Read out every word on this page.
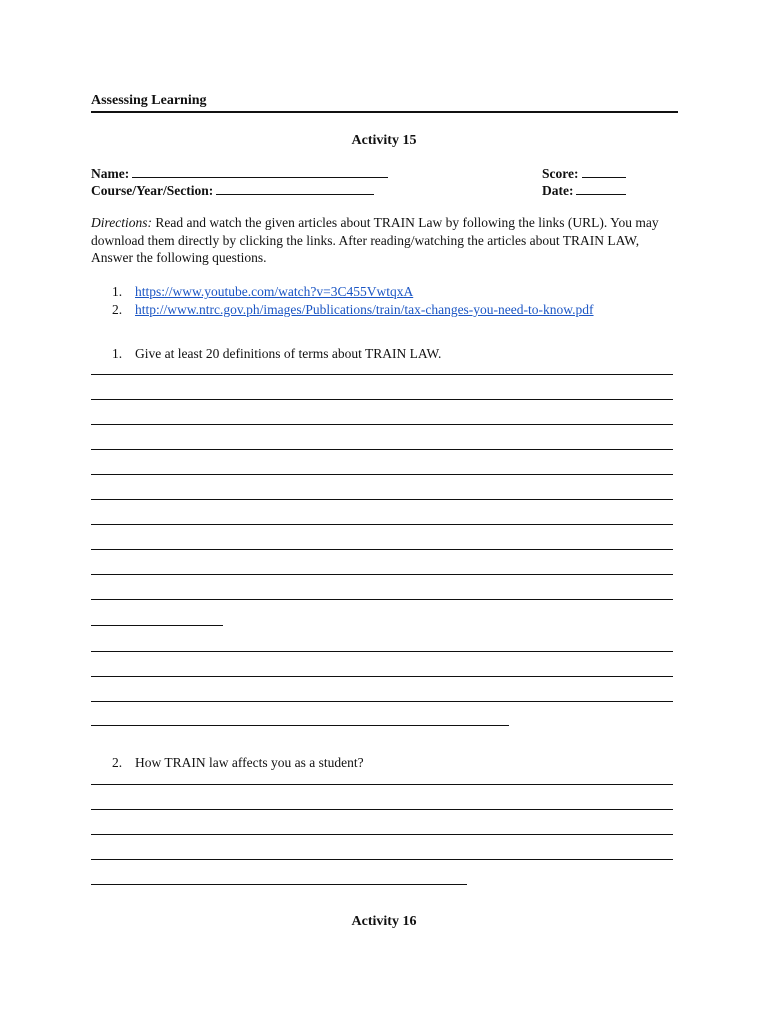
Assessing Learning
Activity 15
Name:
Course/Year/Section:
Score:
Date:
Directions: Read and watch the given articles about TRAIN Law by following the links (URL). You may download them directly by clicking the links. After reading/watching the articles about TRAIN LAW, Answer the following questions.
1. https://www.youtube.com/watch?v=3C455VwtqxA
2. http://www.ntrc.gov.ph/images/Publications/train/tax-changes-you-need-to-know.pdf
1. Give at least 20 definitions of terms about TRAIN LAW.
2. How TRAIN law affects you as a student?
Activity 16
